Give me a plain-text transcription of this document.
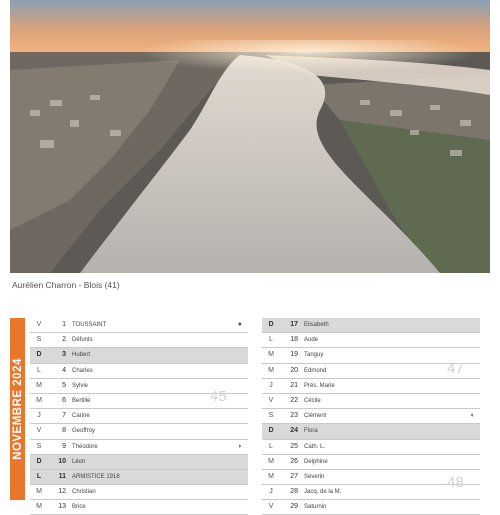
Aurélien Charron - Blois (41)
NOVEMBRE 2024
V	1 TOUSSAINT	●
S	2 Défunts
D	3 Hubert
L	4 Charles
M	5 Sylvie
M	6 Bertille
J	7 Carine
V	8 Geoffroy
S	9 Théodore	◗
D	10 Léon
L	11 ARMISTICE 1918
M	12 Christian
M	13 Brice
D	17 Elisabeth
L	18 Aude
M	19 Tanguy
M	20 Edmond
J	21 Prés. Marie
V	22 Cécile
S	23 Clément	◖
D	24 Flora
L	25 Cath. L.
M	26 Delphine
M	27 Séverin
J	28 Jacq. de la M.
V	29 Saturnin
45
47
48
